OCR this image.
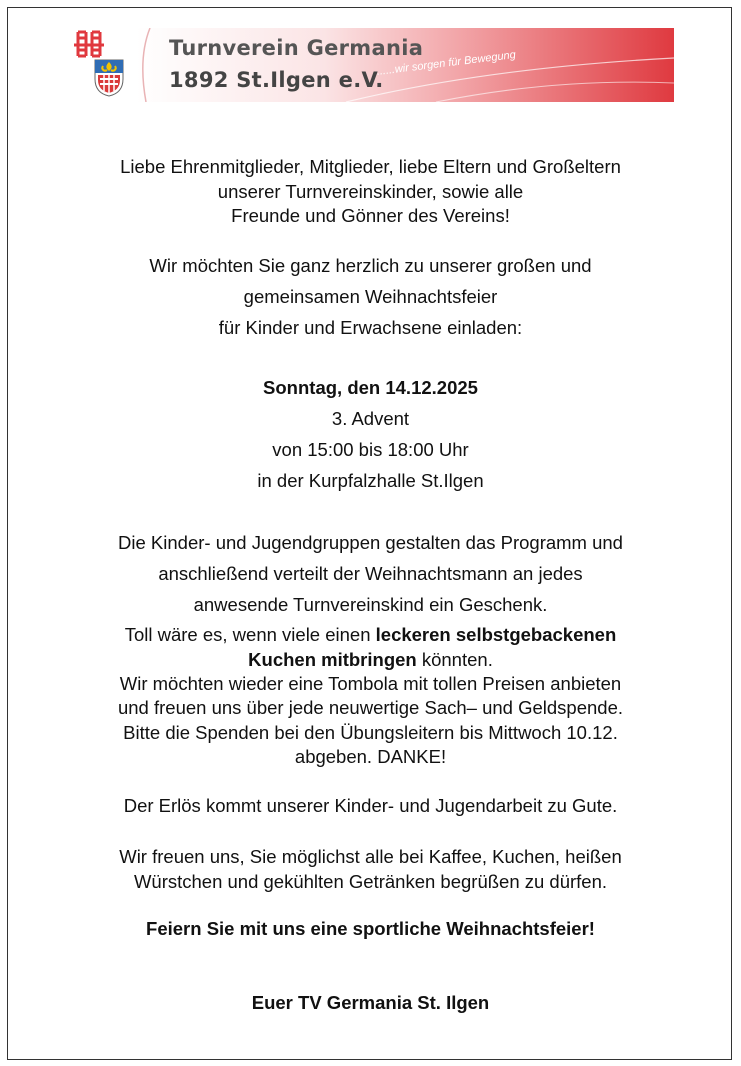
Turnverein Germania
1892 St.Ilgen e.V.
......wir sorgen für Bewegung
Liebe Ehrenmitglieder, Mitglieder, liebe Eltern und Großeltern
unserer Turnvereinskinder, sowie alle
Freunde und Gönner des Vereins!
Wir möchten Sie ganz herzlich zu unserer großen und
gemeinsamen Weihnachtsfeier
für Kinder und Erwachsene einladen:
Sonntag, den 14.12.2025
3. Advent
von 15:00 bis 18:00 Uhr
in der Kurpfalzhalle St.Ilgen
Die Kinder- und Jugendgruppen gestalten das Programm und
anschließend verteilt der Weihnachtsmann an jedes
anwesende Turnvereinskind ein Geschenk.
Toll wäre es, wenn viele einen leckeren selbstgebackenen
Kuchen mitbringen könnten.
Wir möchten wieder eine Tombola mit tollen Preisen anbieten
und freuen uns über jede neuwertige Sach– und Geldspende.
Bitte die Spenden bei den Übungsleitern bis Mittwoch 10.12.
abgeben. DANKE!
Der Erlös kommt unserer Kinder- und Jugendarbeit zu Gute.
Wir freuen uns, Sie möglichst alle bei Kaffee, Kuchen, heißen
Würstchen und gekühlten Getränken begrüßen zu dürfen.
Feiern Sie mit uns eine sportliche Weihnachtsfeier!
Euer TV Germania St. Ilgen
